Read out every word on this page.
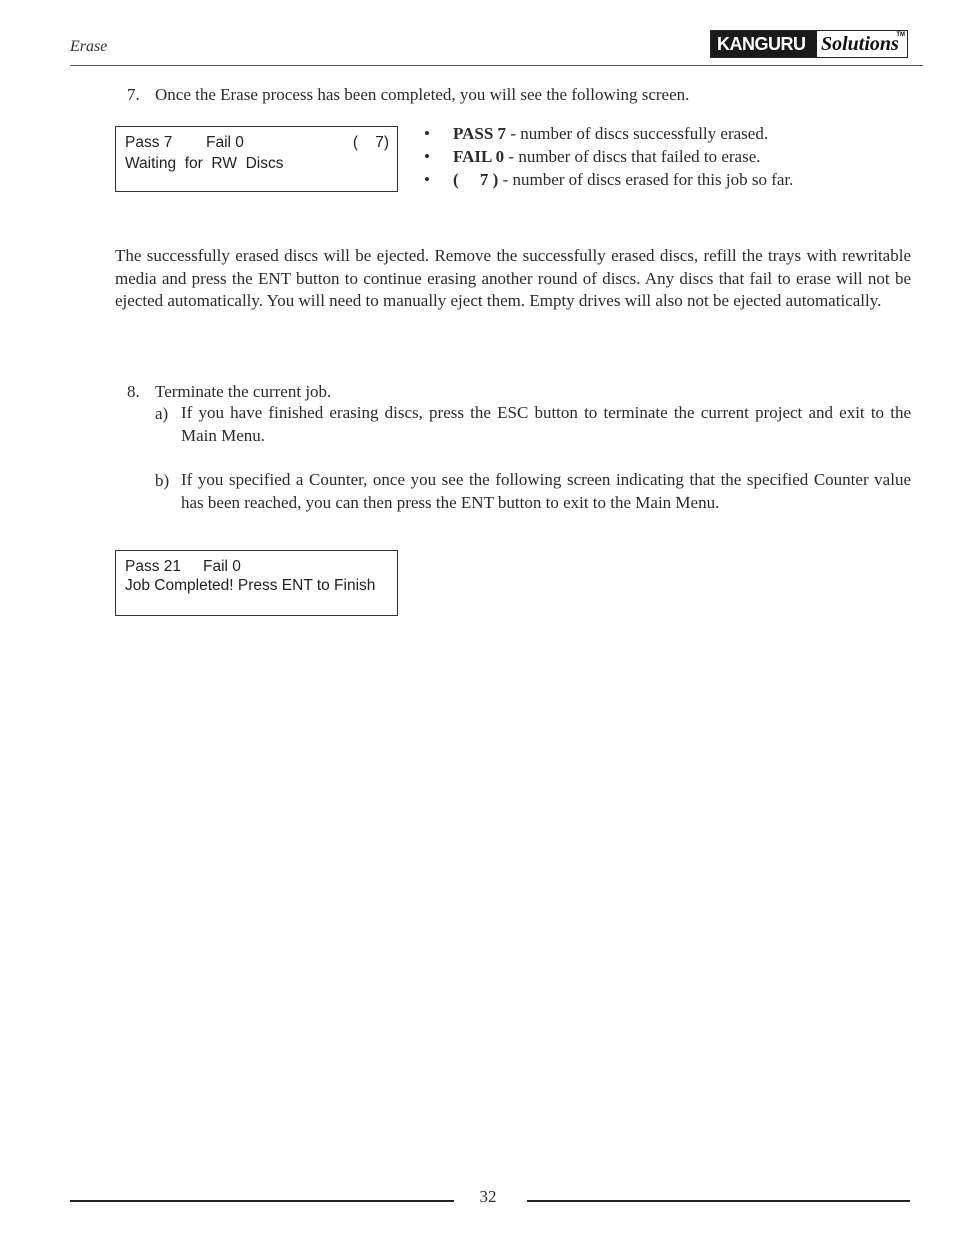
Erase	KANGURU Solutions
TM
7. Once the Erase process has been completed, you will see the following screen.
Pass 7 Fail 0	(    7)
Waiting  for  RW  Discs
•	PASS 7 - number of discs successfully erased.
•	FAIL 0 - number of discs that failed to erase.
•	(     7 ) - number of discs erased for this job so far.
The successfully erased discs will be ejected. Remove the successfully erased discs, refill the trays with rewritable media and press the ENT button to continue erasing another round of discs. Any discs that fail to erase will not be ejected automatically. You will need to manually eject them. Empty drives will also not be ejected automatically.
8. Terminate the current job.
a) If you have finished erasing discs, press the ESC button to terminate the current project and exit to the Main Menu.
b) If you specified a Counter, once you see the following screen indicating that the specified Counter value has been reached, you can then press the ENT button to exit to the Main Menu.
Pass 21 Fail 0
Job Completed! Press ENT to Finish
32
